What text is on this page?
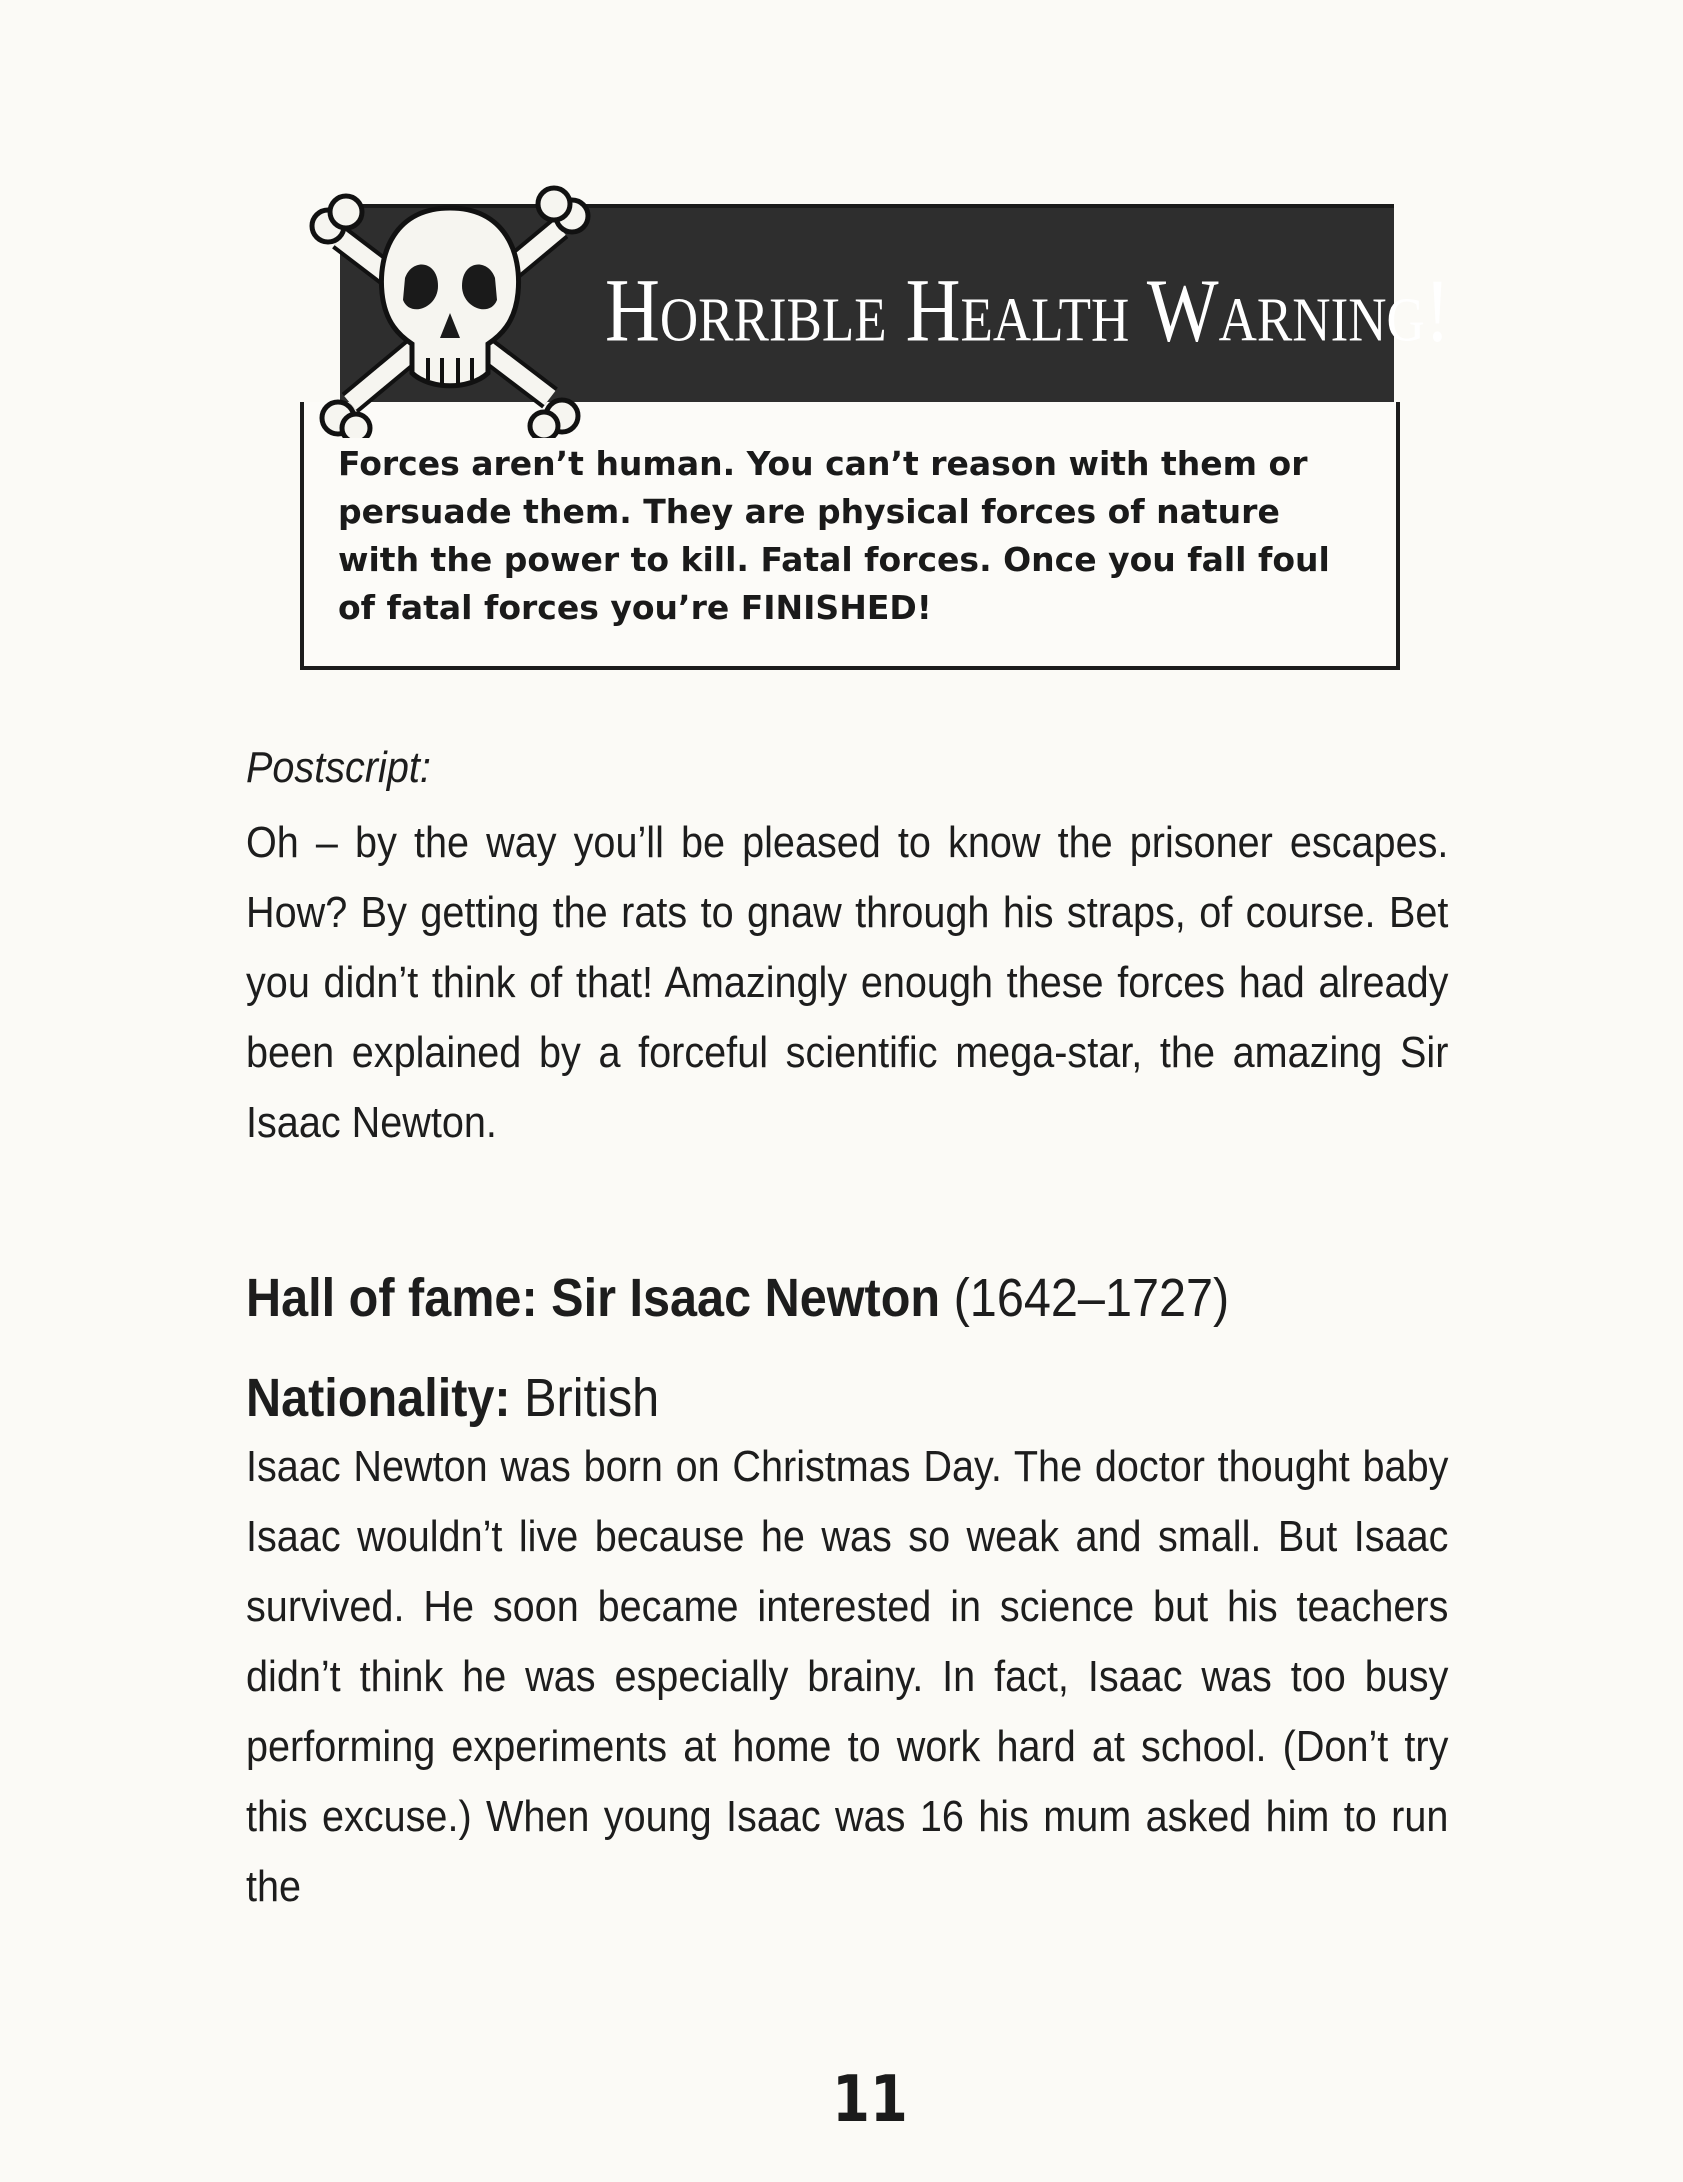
Horrible Health Warning!

Forces aren’t human. You can’t reason with them or persuade them. They are physical forces of nature with the power to kill. Fatal forces. Once you fall foul of fatal forces you’re FINISHED!

Postscript:

Oh – by the way you’ll be pleased to know the prisoner escapes. How? By getting the rats to gnaw through his straps, of course. Bet you didn’t think of that! Amazingly enough these forces had already been explained by a forceful scientific mega-star, the amazing Sir Isaac Newton.

Hall of fame: Sir Isaac Newton (1642–1727) Nationality: British

Isaac Newton was born on Christmas Day. The doctor thought baby Isaac wouldn’t live because he was so weak and small. But Isaac survived. He soon became interested in science but his teachers didn’t think he was especially brainy. In fact, Isaac was too busy performing experiments at home to work hard at school. (Don’t try this excuse.) When young Isaac was 16 his mum asked him to run the

11
